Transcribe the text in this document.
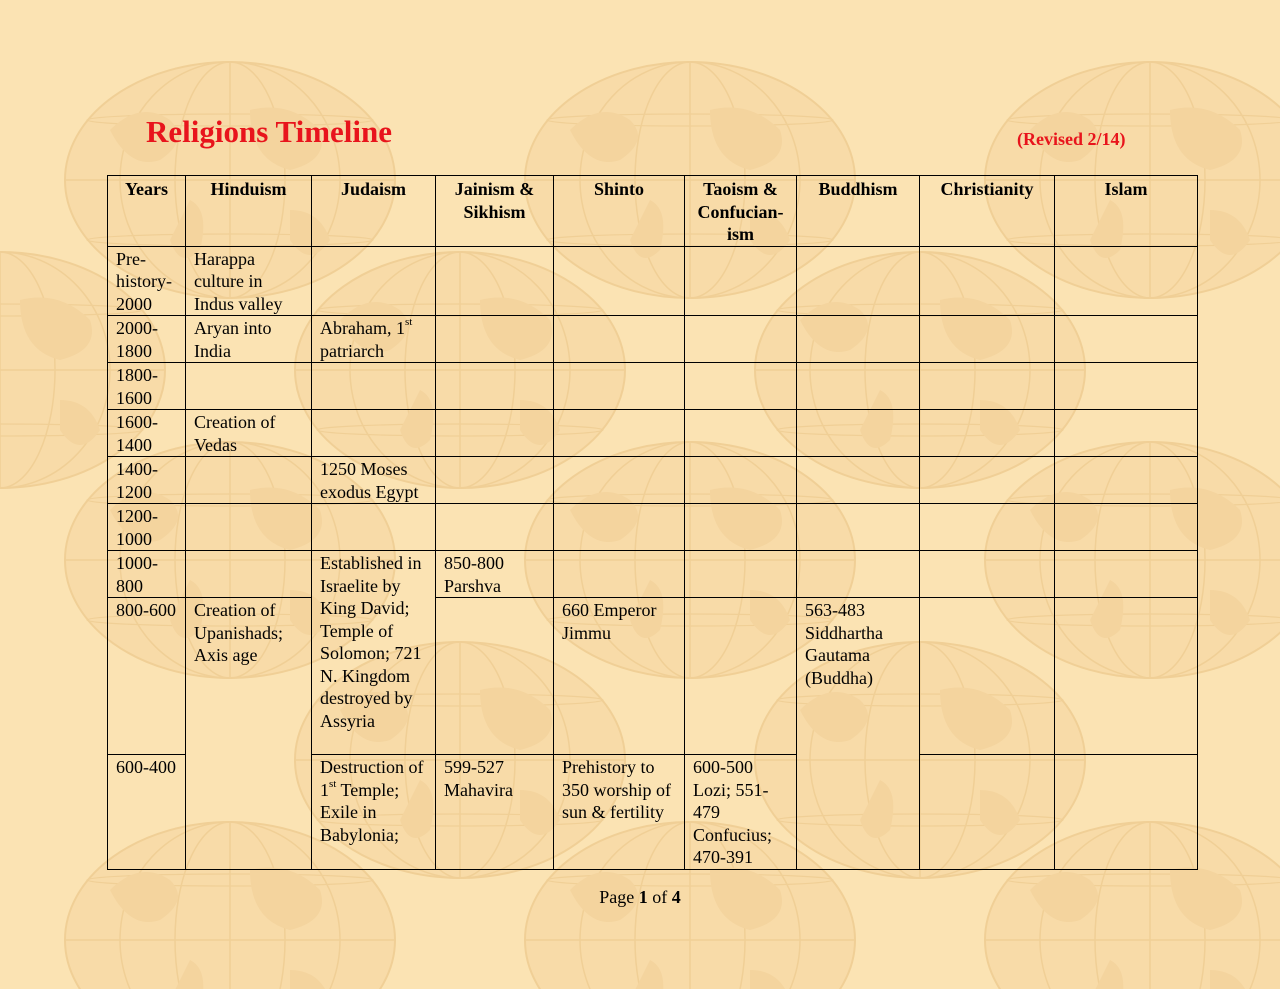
Religions Timeline	(Revised 2/14)
Years	Hinduism	Judaism	Jainism & Sikhism	Shinto	Taoism & Confucian-ism	Buddhism	Christianity	Islam
Pre-history-2000	Harappa culture in Indus valley							
2000-1800	Aryan into India	Abraham, 1st patriarch						
1800-1600								
1600-1400	Creation of Vedas							
1400-1200		1250 Moses exodus Egypt						
1200-1000								
1000-800		Established in Israelite by King David; Temple of Solomon; 721 N. Kingdom destroyed by Assyria	850-800 Parshva					
800-600	Creation of Upanishads; Axis age			660 Emperor Jimmu		563-483 Siddhartha Gautama (Buddha)		
600-400		Destruction of 1st Temple; Exile in Babylonia;	599-527 Mahavira	Prehistory to 350 worship of sun & fertility	600-500 Lozi; 551-479 Confucius; 470-391			
Page 1 of 4
